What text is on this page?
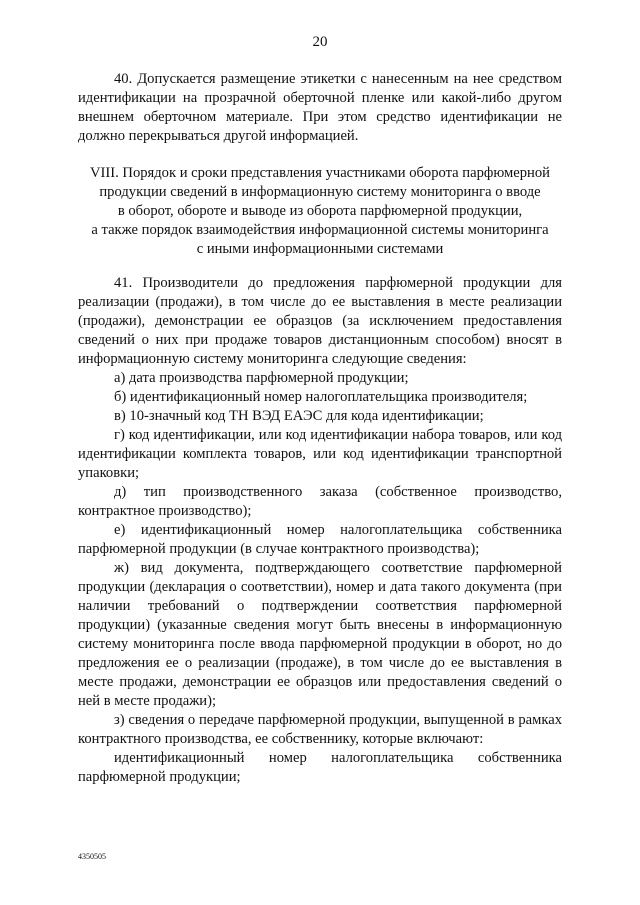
20

40. Допускается размещение этикетки с нанесенным на нее средством идентификации на прозрачной оберточной пленке или какой-либо другом внешнем оберточном материале. При этом средство идентификации не должно перекрываться другой информацией.

VIII. Порядок и сроки представления участниками оборота парфюмерной
продукции сведений в информационную систему мониторинга о вводе
в оборот, обороте и выводе из оборота парфюмерной продукции,
а также порядок взаимодействия информационной системы мониторинга
с иными информационными системами

41. Производители до предложения парфюмерной продукции для реализации (продажи), в том числе до ее выставления в месте реализации (продажи), демонстрации ее образцов (за исключением предоставления сведений о них при продаже товаров дистанционным способом) вносят в информационную систему мониторинга следующие сведения:

а) дата производства парфюмерной продукции;

б) идентификационный номер налогоплательщика производителя;

в) 10-значный код ТН ВЭД ЕАЭС для кода идентификации;

г) код идентификации, или код идентификации набора товаров, или код идентификации комплекта товаров, или код идентификации транспортной упаковки;

д) тип производственного заказа (собственное производство, контрактное производство);

е) идентификационный номер налогоплательщика собственника парфюмерной продукции (в случае контрактного производства);

ж) вид документа, подтверждающего соответствие парфюмерной продукции (декларация о соответствии), номер и дата такого документа (при наличии требований о подтверждении соответствия парфюмерной продукции) (указанные сведения могут быть внесены в информационную систему мониторинга после ввода парфюмерной продукции в оборот, но до предложения ее о реализации (продаже), в том числе до ее выставления в месте продажи, демонстрации ее образцов или предоставления сведений о ней в месте продажи);

з) сведения о передаче парфюмерной продукции, выпущенной в рамках контрактного производства, ее собственнику, которые включают:

идентификационный номер налогоплательщика собственника парфюмерной продукции;

4350505
